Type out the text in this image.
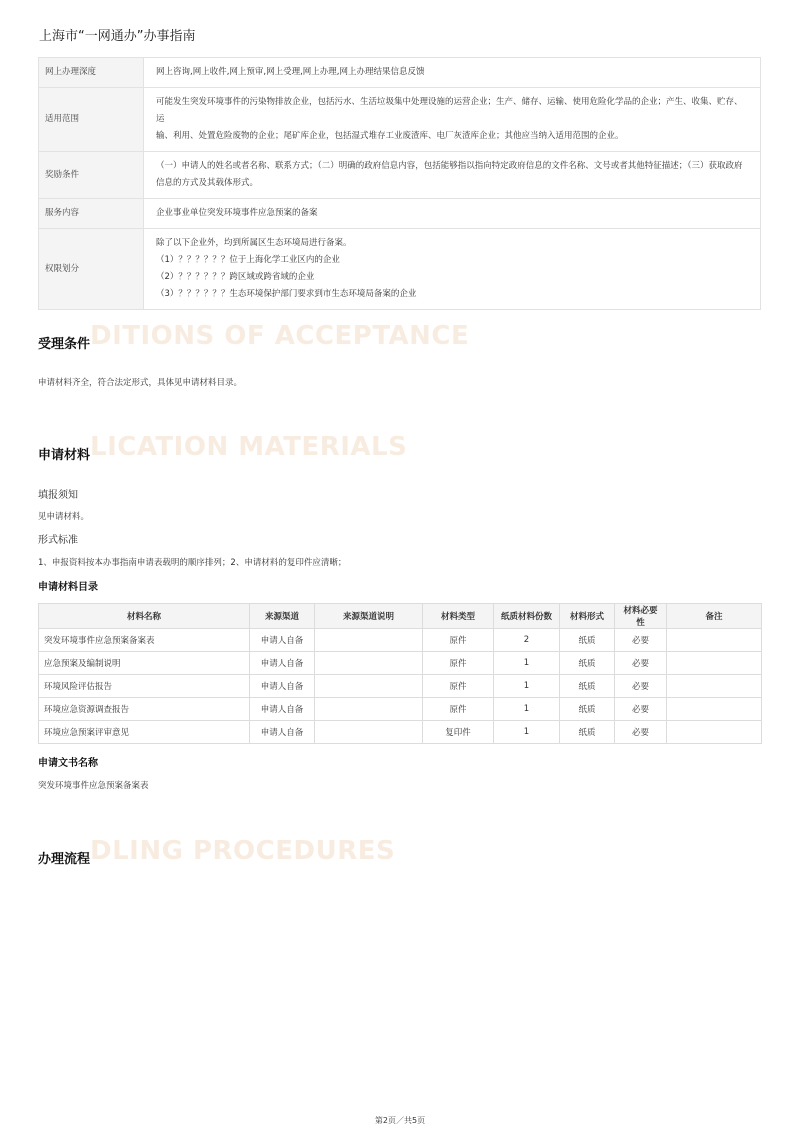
上海市“一网通办”办事指南
网上办理深度	网上咨询,网上收件,网上预审,网上受理,网上办理,网上办理结果信息反馈

适用范围	可能发生突发环境事件的污染物排放企业，包括污水、生活垃圾集中处理设施的运营企业；生产、储存、运输、使用危险化学品的企业；产生、收集、贮存、运
输、利用、处置危险废物的企业；尾矿库企业，包括湿式堆存工业废渣库、电厂灰渣库企业；其他应当纳入适用范围的企业。

奖励条件	（一）申请人的姓名或者名称、联系方式；（二）明确的政府信息内容，包括能够指以指向特定政府信息的文件名称、文号或者其他特征描述；（三）获取政府
信息的方式及其载体形式。

服务内容	企业事业单位突发环境事件应急预案的备案

权限划分	除了以下企业外，均到所属区生态环境局进行备案。
（1）？？？？？？位于上海化学工业区内的企业
（2）？？？？？？跨区域或跨省域的企业
（3）？？？？？？生态环境保护部门要求到市生态环境局备案的企业
DITIONS OF ACCEPTANCE
受理条件
申请材料齐全，符合法定形式，具体见申请材料目录。
LICATION MATERIALS
申请材料
填报须知
见申请材料。
形式标准
1、申报资料按本办事指南申请表载明的顺序排列；2、申请材料的复印件应清晰；
申请材料目录
材料名称	来源渠道	来源渠道说明	材料类型	纸质材料份数	材料形式	材料必要性	备注
突发环境事件应急预案备案表	申请人自备		原件	2	纸质	必要	
应急预案及编制说明	申请人自备		原件	1	纸质	必要	
环境风险评估报告	申请人自备		原件	1	纸质	必要	
环境应急资源调查报告	申请人自备		原件	1	纸质	必要	
环境应急预案评审意见	申请人自备		复印件	1	纸质	必要	
申请文书名称
突发环境事件应急预案备案表
DLING PROCEDURES
办理流程
第2页／共5页
